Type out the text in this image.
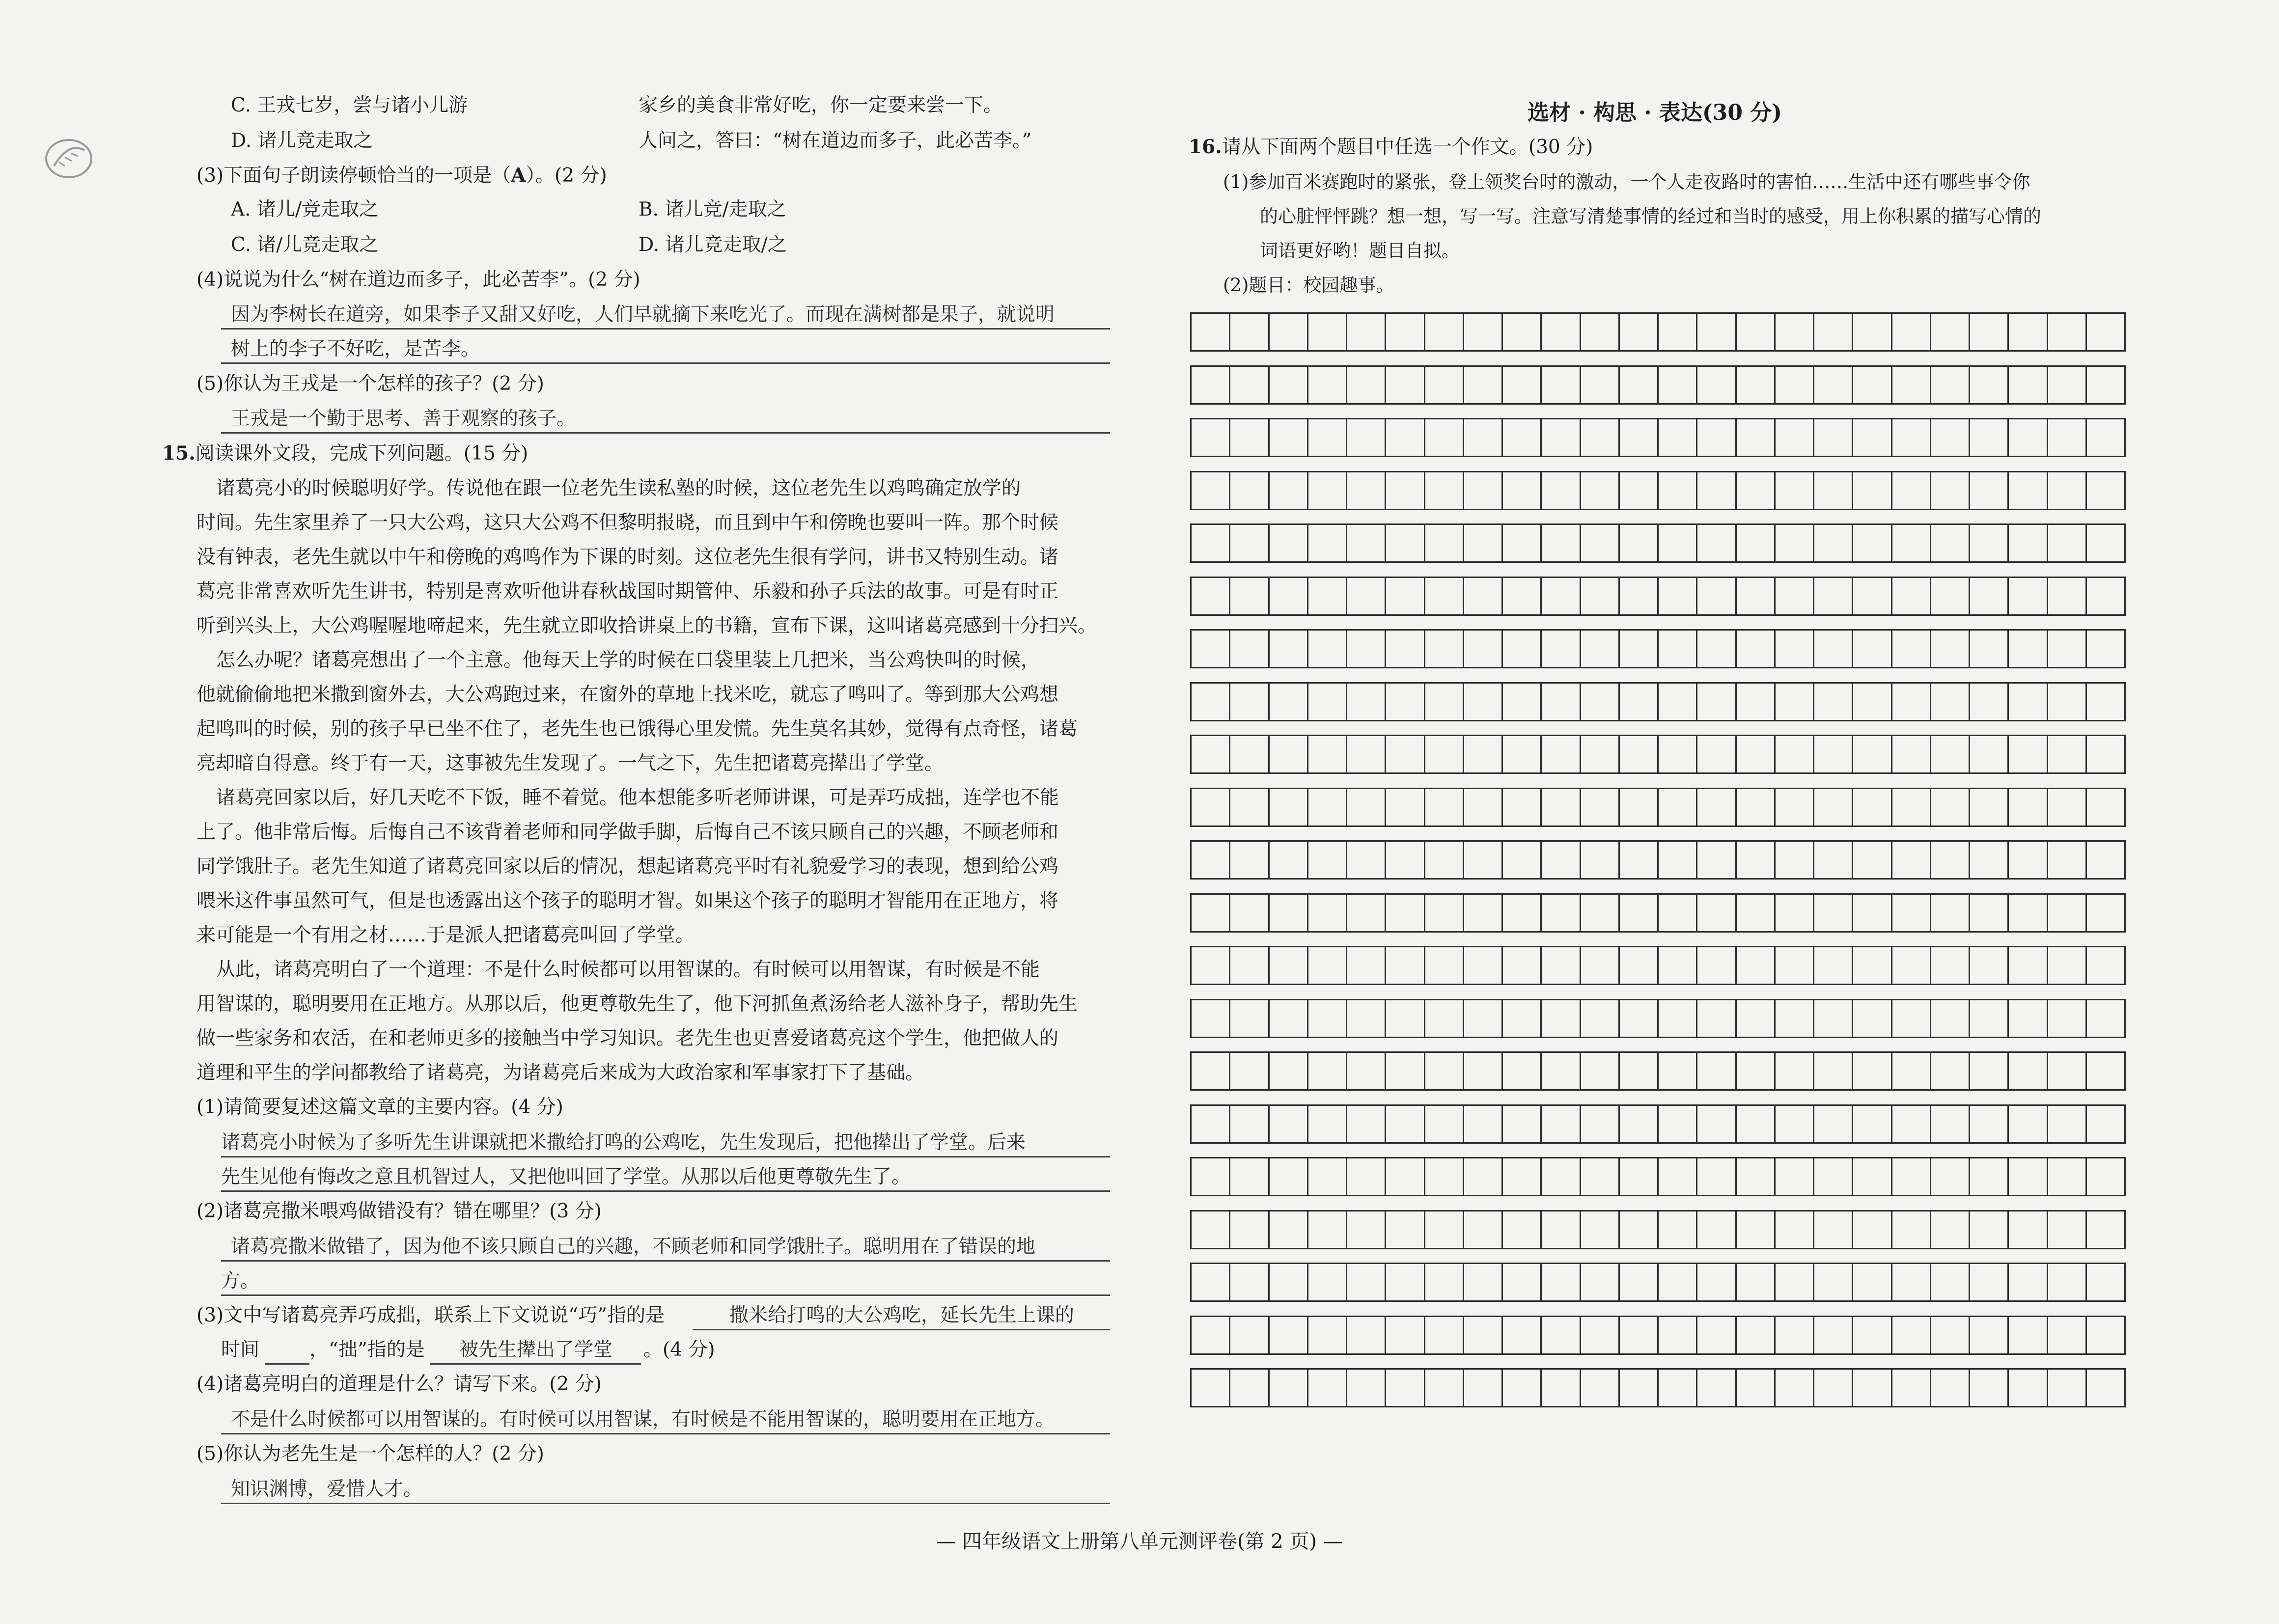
C. 王戎七岁，尝与诸小儿游	家乡的美食非常好吃，你一定要来尝一下。
D. 诸儿竞走取之	人问之，答曰：“树在道边而多子，此必苦李。”
(3)下面句子朗读停顿恰当的一项是（A）。(2 分)
A. 诸儿/竞走取之	B. 诸儿竞/走取之
C. 诸/儿竞走取之	D. 诸儿竞走取/之
(4)说说为什么“树在道边而多子，此必苦李”。(2 分)
因为李树长在道旁，如果李子又甜又好吃，人们早就摘下来吃光了。而现在满树都是果子，就说明
树上的李子不好吃，是苦李。
(5)你认为王戎是一个怎样的孩子？(2 分)
王戎是一个勤于思考、善于观察的孩子。
15.阅读课外文段，完成下列问题。(15 分)
诸葛亮小的时候聪明好学。传说他在跟一位老先生读私塾的时候，这位老先生以鸡鸣确定放学的
时间。先生家里养了一只大公鸡，这只大公鸡不但黎明报晓，而且到中午和傍晚也要叫一阵。那个时候
没有钟表，老先生就以中午和傍晚的鸡鸣作为下课的时刻。这位老先生很有学问，讲书又特别生动。诸
葛亮非常喜欢听先生讲书，特别是喜欢听他讲春秋战国时期管仲、乐毅和孙子兵法的故事。可是有时正
听到兴头上，大公鸡喔喔地啼起来，先生就立即收拾讲桌上的书籍，宣布下课，这叫诸葛亮感到十分扫兴。
怎么办呢？诸葛亮想出了一个主意。他每天上学的时候在口袋里装上几把米，当公鸡快叫的时候，
他就偷偷地把米撒到窗外去，大公鸡跑过来，在窗外的草地上找米吃，就忘了鸣叫了。等到那大公鸡想
起鸣叫的时候，别的孩子早已坐不住了，老先生也已饿得心里发慌。先生莫名其妙，觉得有点奇怪，诸葛
亮却暗自得意。终于有一天，这事被先生发现了。一气之下，先生把诸葛亮撵出了学堂。
诸葛亮回家以后，好几天吃不下饭，睡不着觉。他本想能多听老师讲课，可是弄巧成拙，连学也不能
上了。他非常后悔。后悔自己不该背着老师和同学做手脚，后悔自己不该只顾自己的兴趣，不顾老师和
同学饿肚子。老先生知道了诸葛亮回家以后的情况，想起诸葛亮平时有礼貌爱学习的表现，想到给公鸡
喂米这件事虽然可气，但是也透露出这个孩子的聪明才智。如果这个孩子的聪明才智能用在正地方，将
来可能是一个有用之材……于是派人把诸葛亮叫回了学堂。
从此，诸葛亮明白了一个道理：不是什么时候都可以用智谋的。有时候可以用智谋，有时候是不能
用智谋的，聪明要用在正地方。从那以后，他更尊敬先生了，他下河抓鱼煮汤给老人滋补身子，帮助先生
做一些家务和农活，在和老师更多的接触当中学习知识。老先生也更喜爱诸葛亮这个学生，他把做人的
道理和平生的学问都教给了诸葛亮，为诸葛亮后来成为大政治家和军事家打下了基础。
(1)请简要复述这篇文章的主要内容。(4 分)
诸葛亮小时候为了多听先生讲课就把米撒给打鸣的公鸡吃，先生发现后，把他撵出了学堂。后来
先生见他有悔改之意且机智过人，又把他叫回了学堂。从那以后他更尊敬先生了。
(2)诸葛亮撒米喂鸡做错没有？错在哪里？(3 分)
诸葛亮撒米做错了，因为他不该只顾自己的兴趣，不顾老师和同学饿肚子。聪明用在了错误的地
方。
(3)文中写诸葛亮弄巧成拙，联系上下文说说“巧”指的是	撒米给打鸣的大公鸡吃，延长先生上课的
时间	，“拙”指的是 被先生撵出了学堂 。(4 分)
(4)诸葛亮明白的道理是什么？请写下来。(2 分)
不是什么时候都可以用智谋的。有时候可以用智谋，有时候是不能用智谋的，聪明要用在正地方。
(5)你认为老先生是一个怎样的人？(2 分)
知识渊博，爱惜人才。
选材 · 构思 · 表达(30 分)
16.请从下面两个题目中任选一个作文。(30 分)
(1)参加百米赛跑时的紧张，登上领奖台时的激动，一个人走夜路时的害怕……生活中还有哪些事令你
的心脏怦怦跳？想一想，写一写。注意写清楚事情的经过和当时的感受，用上你积累的描写心情的
词语更好哟！题目自拟。
(2)题目：校园趣事。
— 四年级语文上册第八单元测评卷(第 2 页) —
